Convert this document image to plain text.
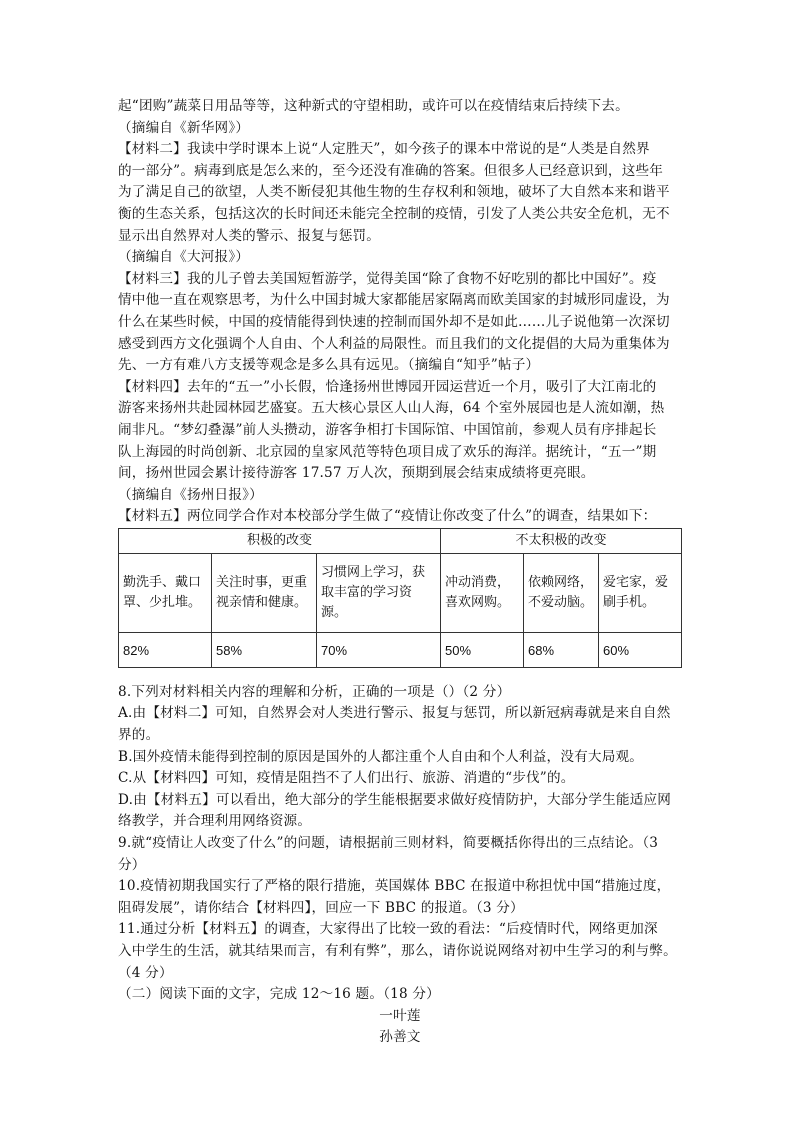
起“团购”蔬菜日用品等等，这种新式的守望相助，或许可以在疫情结束后持续下去。

（摘编自《新华网》）

【材料二】我读中学时课本上说“人定胜天”，如今孩子的课本中常说的是“人类是自然界

的一部分”。病毒到底是怎么来的，至今还没有准确的答案。但很多人已经意识到，这些年

为了满足自己的欲望，人类不断侵犯其他生物的生存权利和领地，破坏了大自然本来和谐平

衡的生态关系，包括这次的长时间还未能完全控制的疫情，引发了人类公共安全危机，无不

显示出自然界对人类的警示、报复与惩罚。

（摘编自《大河报》）

【材料三】我的儿子曾去美国短暂游学，觉得美国“除了食物不好吃别的都比中国好”。疫

情中他一直在观察思考，为什么中国封城大家都能居家隔离而欧美国家的封城形同虚设，为

什么在某些时候，中国的疫情能得到快速的控制而国外却不是如此……儿子说他第一次深切

感受到西方文化强调个人自由、个人利益的局限性。而且我们的文化提倡的大局为重集体为

先、一方有难八方支援等观念是多么具有远见。（摘编自“知乎”帖子）

【材料四】去年的“五一”小长假，恰逢扬州世博园开园运营近一个月，吸引了大江南北的

游客来扬州共赴园林园艺盛宴。五大核心景区人山人海，64 个室外展园也是人流如潮，热

闹非凡。“梦幻叠瀑”前人头攒动，游客争相打卡国际馆、中国馆前，参观人员有序排起长

队上海园的时尚创新、北京园的皇家风范等特色项目成了欢乐的海洋。据统计，“五一”期

间，扬州世园会累计接待游客 17.57 万人次，预期到展会结束成绩将更亮眼。

（摘编自《扬州日报》）

【材料五】两位同学合作对本校部分学生做了“疫情让你改变了什么”的调查，结果如下：

积极的改变			不太积极的改变		
勤洗手、戴口罩、少扎堆。	关注时事，更重视亲情和健康。	习惯网上学习，获取丰富的学习资源。	冲动消费，喜欢网购。	依赖网络，不爱动脑。	爱宅家，爱刷手机。
82%	58%	70%	50%	68%	60%

8.下列对材料相关内容的理解和分析，正确的一项是（）（2 分）

A.由【材料二】可知，自然界会对人类进行警示、报复与惩罚，所以新冠病毒就是来自自然

界的。

B.国外疫情未能得到控制的原因是国外的人都注重个人自由和个人利益，没有大局观。

C.从【材料四】可知，疫情是阻挡不了人们出行、旅游、消遣的“步伐”的。

D.由【材料五】可以看出，绝大部分的学生能根据要求做好疫情防护，大部分学生能适应网

络教学，并合理利用网络资源。

9.就“疫情让人改变了什么”的问题，请根据前三则材料，简要概括你得出的三点结论。（3

分）

10.疫情初期我国实行了严格的限行措施，英国媒体 BBC 在报道中称担忧中国“措施过度，

阻碍发展”，请你结合【材料四】，回应一下 BBC 的报道。（3 分）

11.通过分析【材料五】的调查，大家得出了比较一致的看法：“后疫情时代，网络更加深

入中学生的生活，就其结果而言，有利有弊”，那么，请你说说网络对初中生学习的利与弊。

（4 分）

（二）阅读下面的文字，完成 12～16 题。（18 分）

一叶莲

孙善文
